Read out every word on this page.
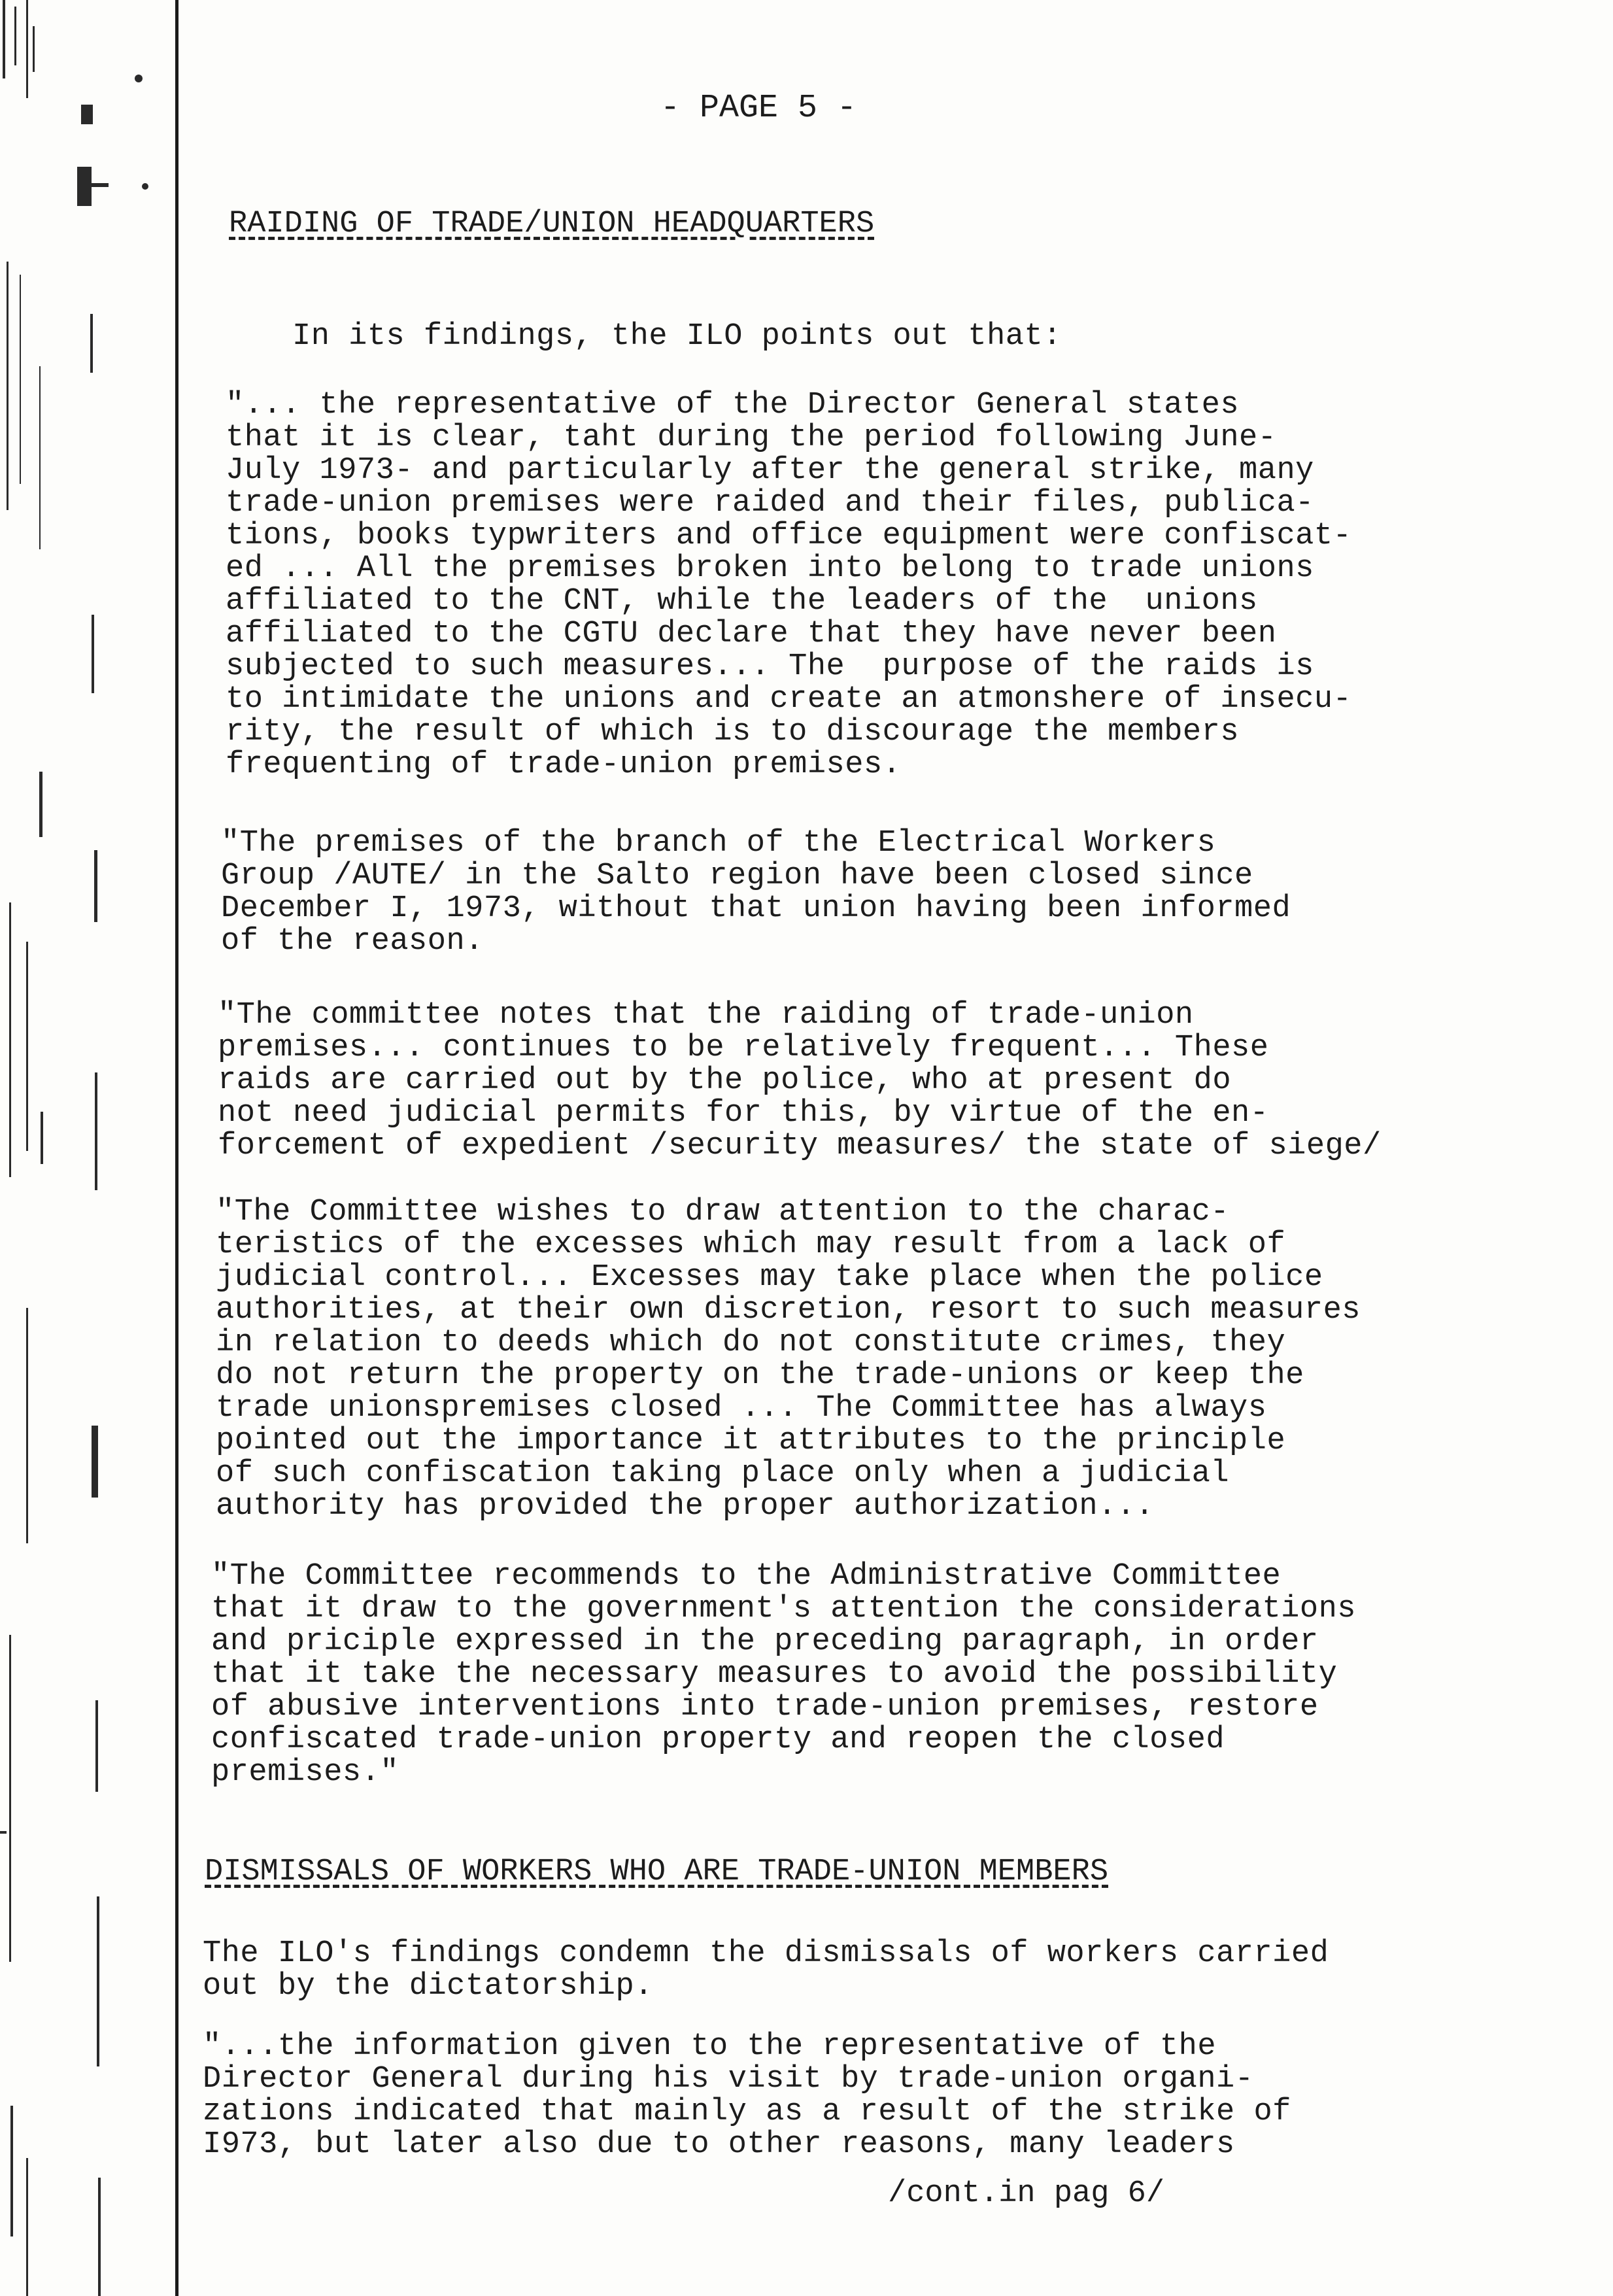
- PAGE 5 -
RAIDING OF TRADE/UNION HEADQUARTERS
In its findings, the ILO points out that:
"... the representative of the Director General states
that it is clear, taht during the period following June-
July 1973- and particularly after the general strike, many
trade-union premises were raided and their files, publica-
tions, books typwriters and office equipment were confiscat-
ed ... All the premises broken into belong to trade unions
affiliated to the CNT, while the leaders of the  unions
affiliated to the CGTU declare that they have never been
subjected to such measures... The  purpose of the raids is
to intimidate the unions and create an atmonshere of insecu-
rity, the result of which is to discourage the members
frequenting of trade-union premises.
"The premises of the branch of the Electrical Workers
Group /AUTE/ in the Salto region have been closed since
December I, 1973, without that union having been informed
of the reason.
"The committee notes that the raiding of trade-union
premises... continues to be relatively frequent... These
raids are carried out by the police, who at present do
not need judicial permits for this, by virtue of the en-
forcement of expedient /security measures/ the state of siege/
"The Committee wishes to draw attention to the charac-
teristics of the excesses which may result from a lack of
judicial control... Excesses may take place when the police
authorities, at their own discretion, resort to such measures
in relation to deeds which do not constitute crimes, they
do not return the property on the trade-unions or keep the
trade unionspremises closed ... The Committee has always
pointed out the importance it attributes to the principle
of such confiscation taking place only when a judicial
authority has provided the proper authorization...
"The Committee recommends to the Administrative Committee
that it draw to the government's attention the considerations
and priciple expressed in the preceding paragraph, in order
that it take the necessary measures to avoid the possibility
of abusive interventions into trade-union premises, restore
confiscated trade-union property and reopen the closed
premises."
DISMISSALS OF WORKERS WHO ARE TRADE-UNION MEMBERS
The ILO's findings condemn the dismissals of workers carried
out by the dictatorship.
"...the information given to the representative of the
Director General during his visit by trade-union organi-
zations indicated that mainly as a result of the strike of
I973, but later also due to other reasons, many leaders
/cont.in pag 6/
